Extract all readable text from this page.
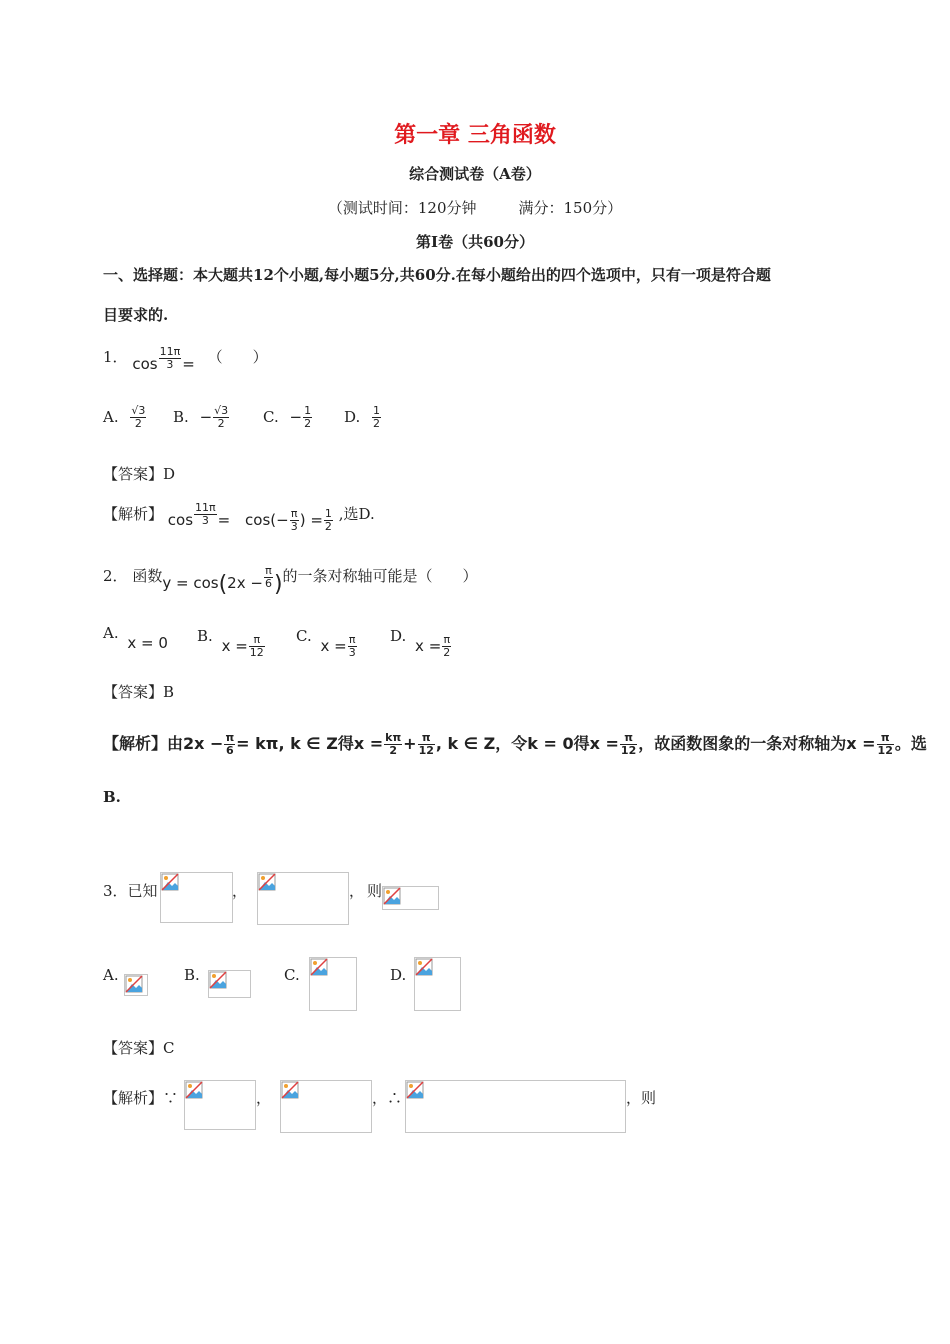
第一章 三角函数
综合测试卷（A卷）
（测试时间：120分钟	满分：150分）
第Ⅰ卷（共60分）
一、选择题：本大题共12个小题,每小题5分,共60分.在每小题给出的四个选项中，只有一项是符合题
目要求的.
1． $\cos \frac{11\pi}{3}$ = （　　）
A. $\frac{√3}{2} B$. − $\frac{√3}{2} C$. − $\frac{1}{2} D$. $\frac{1}{2}$
【答案】D
【解析】 $\cos \frac{11\pi}{3} = \cos(- \frac{\pi}{3}$ ) = $\frac{1}{2}$ ,选D.
2． 函数$y = \cos(2x - \frac{\pi}{6}$ )的一条对称轴可能是（　　）
A. x = 0 B. $x = \frac{\pi}{12} C$. $x = \frac{\pi}{3} D$. $x = \frac{\pi}{2}$
【答案】B
【解析】由$2x - \frac{\pi}{6} = k\pi$, k ∈ Z得$x = \frac{k\pi}{2} + \frac{\pi}{12}$ , k ∈ Z，令k = 0得$x = \frac{\pi}{12}$ ，故函数图象的一条对称轴为$x = \frac{\pi}{12}$ 。选
B.
3．已知	，	， 则
A.	B.	C.	D.
【答案】C
【解析】∵	，	，∴	，则
